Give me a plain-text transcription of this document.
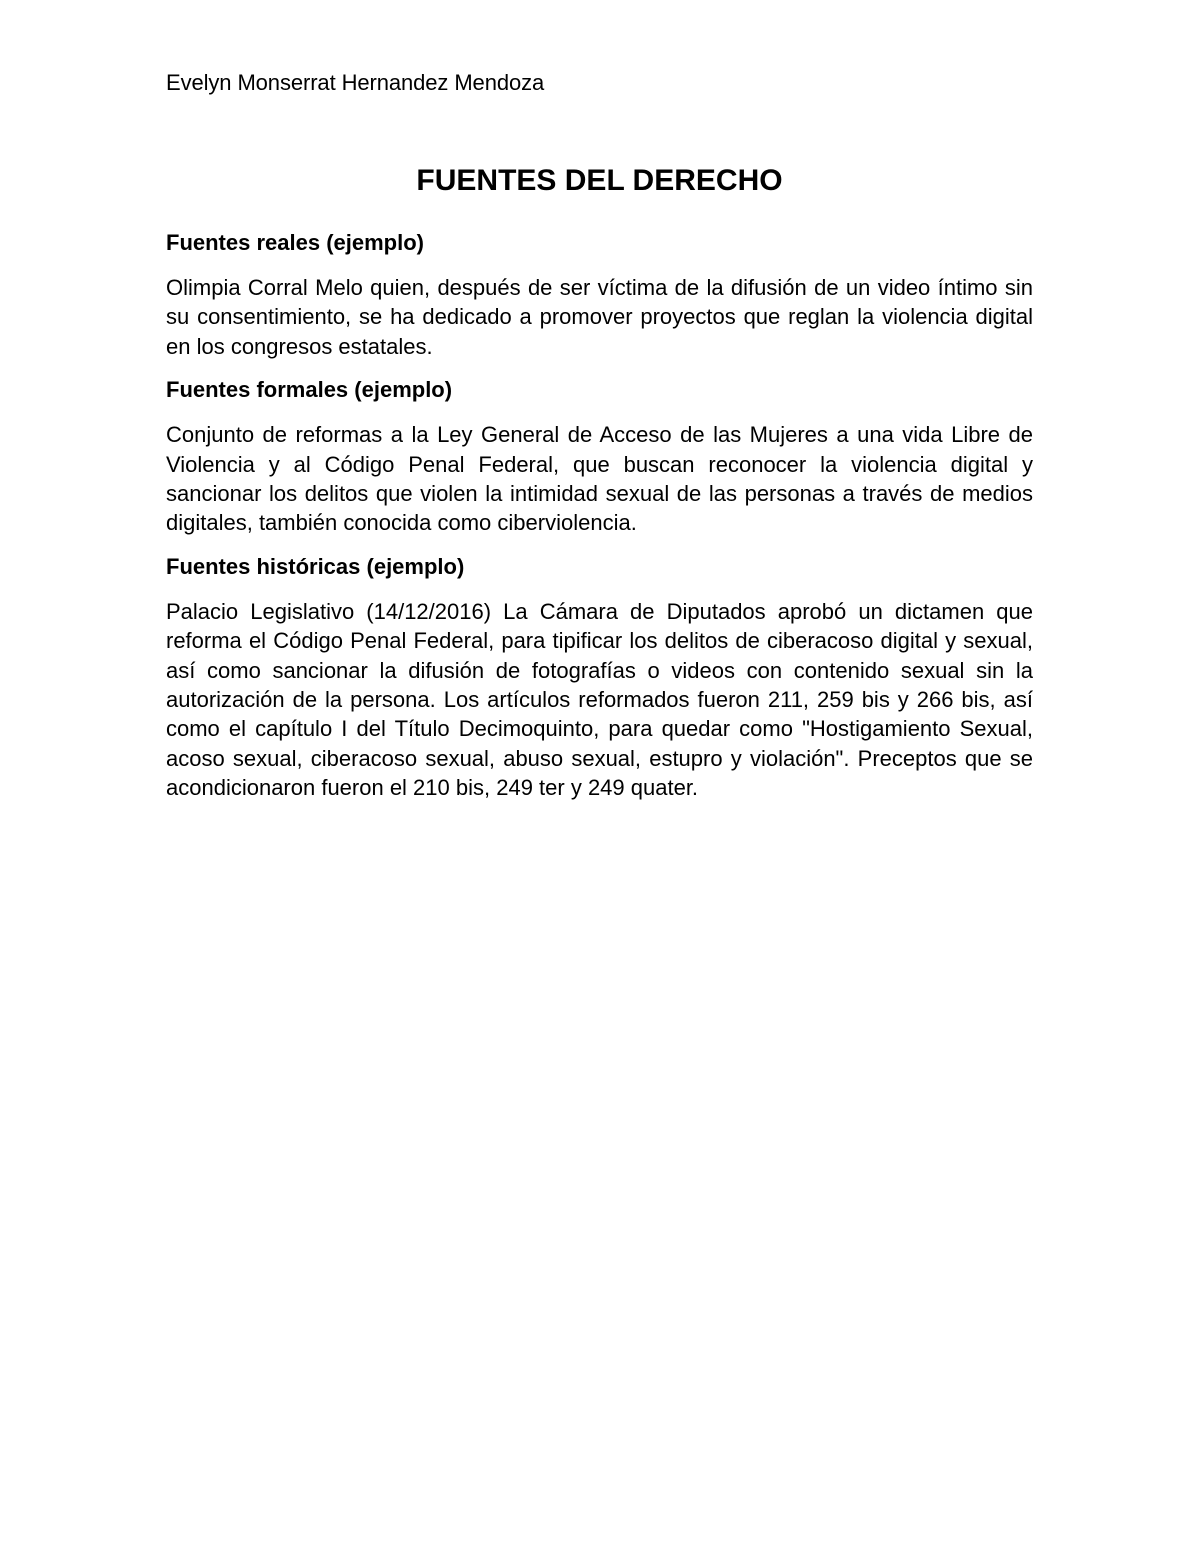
Evelyn Monserrat Hernandez Mendoza

FUENTES DEL DERECHO
Fuentes reales (ejemplo)

Olimpia Corral Melo quien, después de ser víctima de la difusión de un video íntimo sin su consentimiento, se ha dedicado a promover proyectos que reglan la violencia digital en los congresos estatales.

Fuentes formales (ejemplo)

Conjunto de reformas a la Ley General de Acceso de las Mujeres a una vida Libre de Violencia y al Código Penal Federal, que buscan reconocer la violencia digital y sancionar los delitos que violen la intimidad sexual de las personas a través de medios digitales, también conocida como ciberviolencia.

Fuentes históricas (ejemplo)

Palacio Legislativo (14/12/2016) La Cámara de Diputados aprobó un dictamen que reforma el Código Penal Federal, para tipificar los delitos de ciberacoso digital y sexual, así como sancionar la difusión de fotografías o videos con contenido sexual sin la autorización de la persona. Los artículos reformados fueron 211, 259 bis y 266 bis, así como el capítulo I del Título Decimoquinto, para quedar como "Hostigamiento Sexual, acoso sexual, ciberacoso sexual, abuso sexual, estupro y violación". Preceptos que se acondicionaron fueron el 210 bis, 249 ter y 249 quater.
